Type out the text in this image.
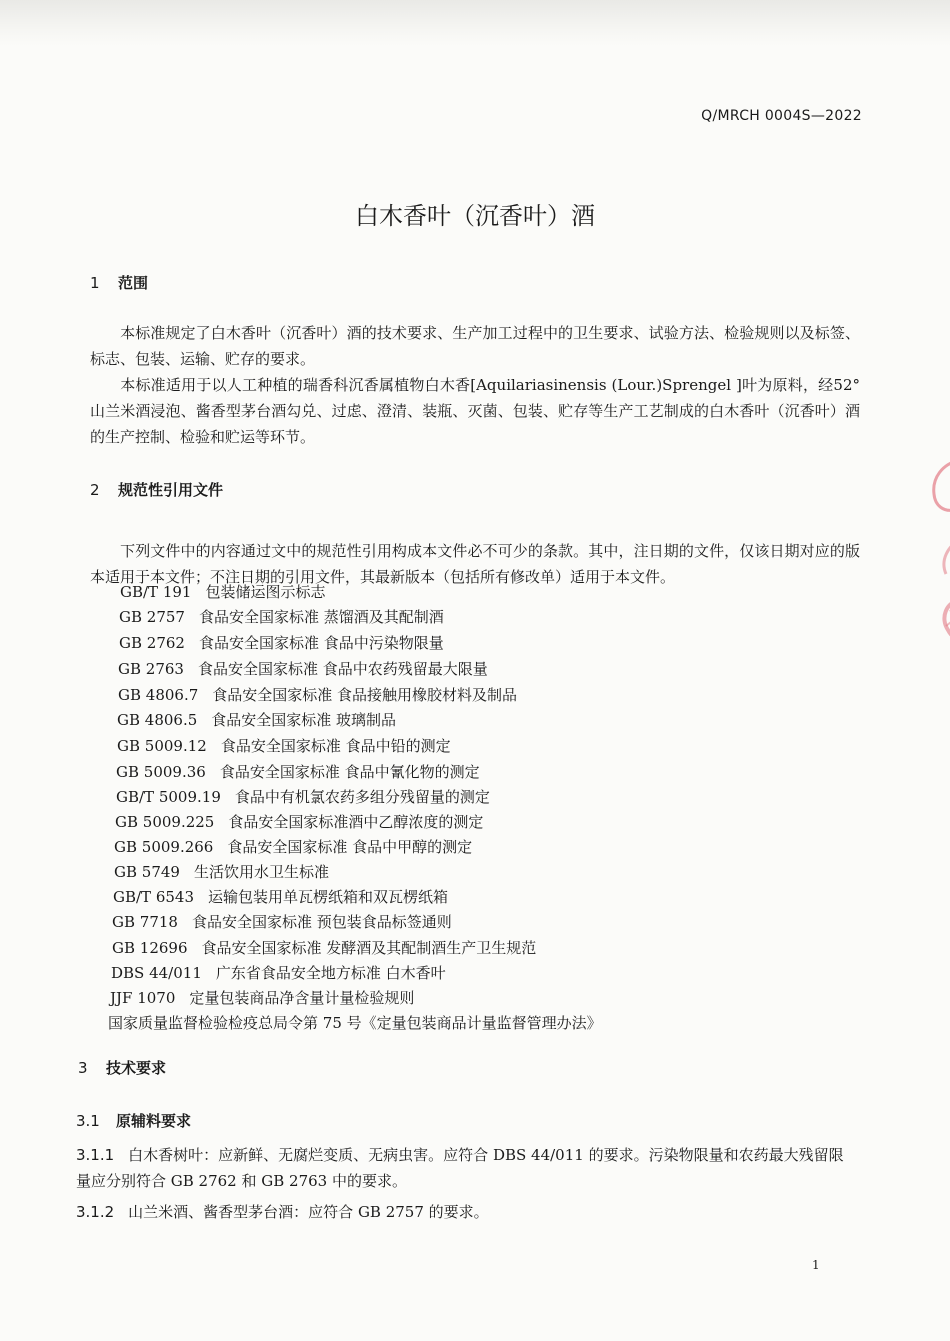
Q/MRCH 0004S—2022
白木香叶（沉香叶）酒
1 范围
本标准规定了白木香叶（沉香叶）酒的技术要求、生产加工过程中的卫生要求、试验方法、检验规则以及标签、标志、包装、运输、贮存的要求。
本标准适用于以人工种植的瑞香科沉香属植物白木香[Aquilariasinensis (Lour.)Sprengel ]叶为原料，经52° 山兰米酒浸泡、酱香型茅台酒勾兑、过虑、澄清、装瓶、灭菌、包装、贮存等生产工艺制成的白木香叶（沉香叶）酒的生产控制、检验和贮运等环节。
2 规范性引用文件
下列文件中的内容通过文中的规范性引用构成本文件必不可少的条款。其中，注日期的文件，仅该日期对应的版本适用于本文件；不注日期的引用文件，其最新版本（包括所有修改单）适用于本文件。
GB/T 191 包装储运图示标志
GB 2757 食品安全国家标准 蒸馏酒及其配制酒
GB 2762 食品安全国家标准 食品中污染物限量
GB 2763 食品安全国家标准 食品中农药残留最大限量
GB 4806.7 食品安全国家标准 食品接触用橡胶材料及制品
GB 4806.5 食品安全国家标准 玻璃制品
GB 5009.12 食品安全国家标准 食品中铅的测定
GB 5009.36 食品安全国家标准 食品中氰化物的测定
GB/T 5009.19 食品中有机氯农药多组分残留量的测定
GB 5009.225 食品安全国家标准酒中乙醇浓度的测定
GB 5009.266 食品安全国家标准 食品中甲醇的测定
GB 5749 生活饮用水卫生标准
GB/T 6543 运输包装用单瓦楞纸箱和双瓦楞纸箱
GB 7718 食品安全国家标准 预包装食品标签通则
GB 12696 食品安全国家标准 发酵酒及其配制酒生产卫生规范
DBS 44/011 广东省食品安全地方标准 白木香叶
JJF 1070 定量包装商品净含量计量检验规则
国家质量监督检验检疫总局令第 75 号《定量包装商品计量监督管理办法》
3 技术要求
3.1 原辅料要求
3.1.1 白木香树叶：应新鲜、无腐烂变质、无病虫害。应符合 DBS 44/011 的要求。污染物限量和农药最大残留限量应分别符合 GB 2762 和 GB 2763 中的要求。
3.1.2 山兰米酒、酱香型茅台酒：应符合 GB 2757 的要求。
1
